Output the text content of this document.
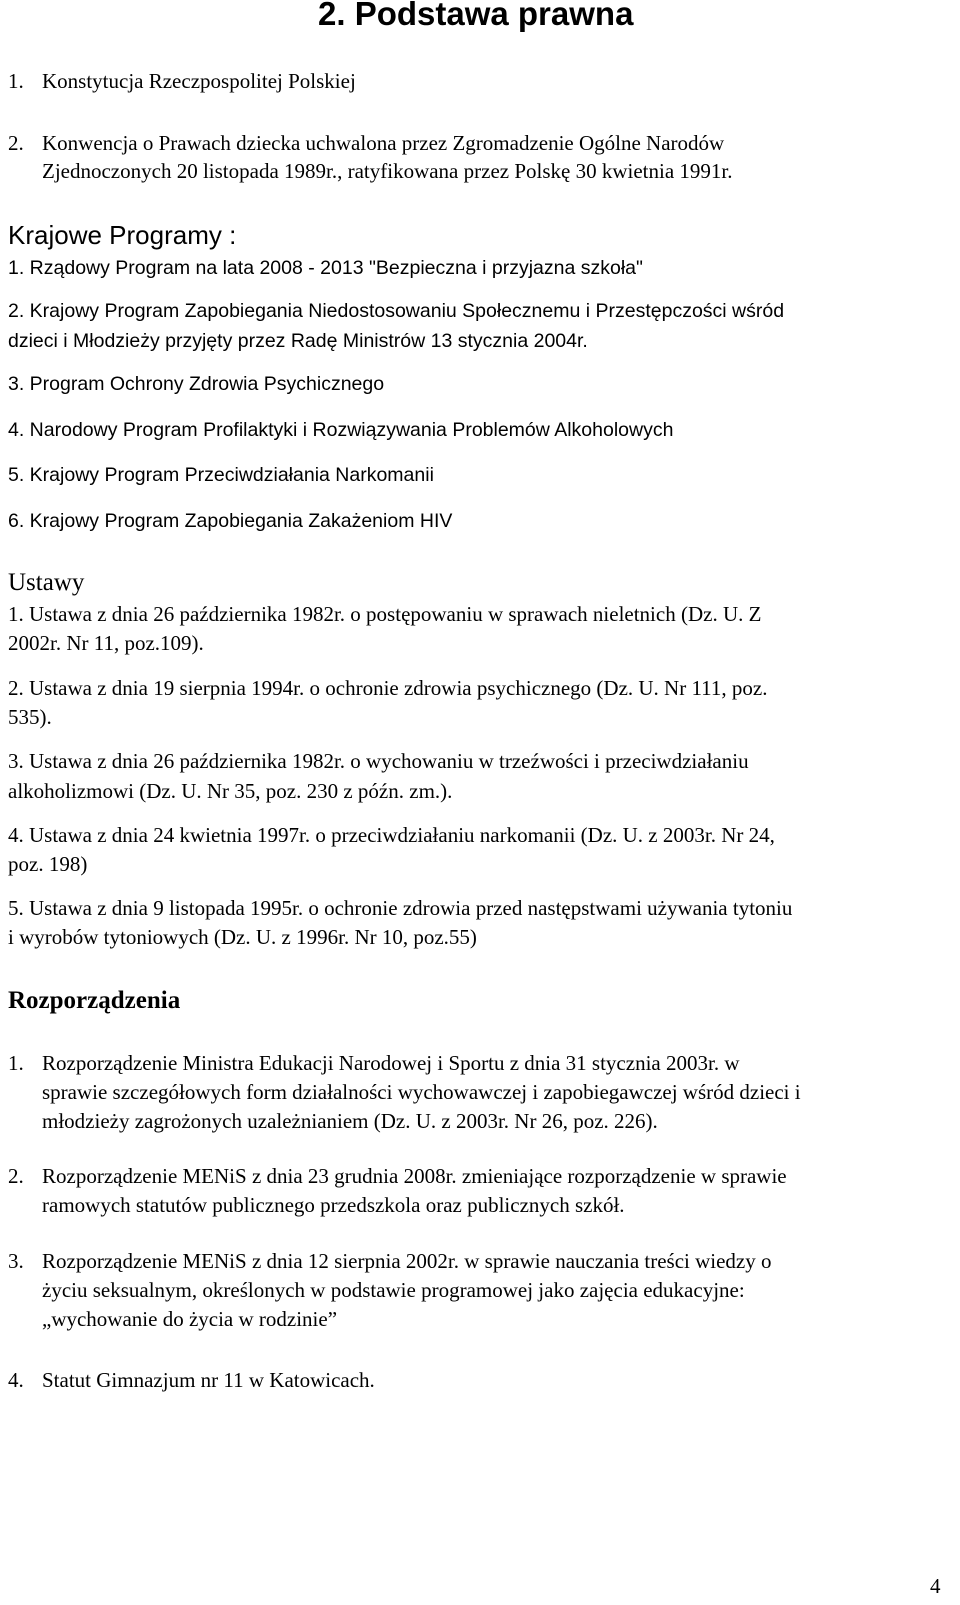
2. Podstawa prawna
1. Konstytucja Rzeczpospolitej Polskiej
2. Konwencja o Prawach dziecka uchwalona przez Zgromadzenie Ogólne Narodów
Zjednoczonych 20 listopada 1989r., ratyfikowana przez Polskę 30 kwietnia 1991r.
Krajowe Programy :
1. Rządowy Program na lata 2008 - 2013 "Bezpieczna i przyjazna szkoła"
2. Krajowy Program Zapobiegania Niedostosowaniu Społecznemu i Przestępczości wśród
dzieci i Młodzieży przyjęty przez Radę Ministrów 13 stycznia 2004r.
3. Program Ochrony Zdrowia Psychicznego
4. Narodowy Program Profilaktyki i Rozwiązywania Problemów Alkoholowych
5. Krajowy Program Przeciwdziałania Narkomanii
6. Krajowy Program Zapobiegania Zakażeniom HIV
Ustawy
1. Ustawa z dnia 26 października 1982r. o postępowaniu w sprawach nieletnich (Dz. U. Z
2002r. Nr 11, poz.109).
2. Ustawa z dnia 19 sierpnia 1994r. o ochronie zdrowia psychicznego (Dz. U. Nr 111, poz.
535).
3. Ustawa z dnia 26 października 1982r. o wychowaniu w trzeźwości i przeciwdziałaniu
alkoholizmowi (Dz. U. Nr 35, poz. 230 z późn. zm.).
4. Ustawa z dnia 24 kwietnia 1997r. o przeciwdziałaniu narkomanii (Dz. U. z 2003r. Nr 24,
poz. 198)
5. Ustawa z dnia 9 listopada 1995r. o ochronie zdrowia przed następstwami używania tytoniu
i wyrobów tytoniowych (Dz. U. z 1996r. Nr 10, poz.55)
Rozporządzenia
1. Rozporządzenie Ministra Edukacji Narodowej i Sportu z dnia 31 stycznia 2003r. w
sprawie szczegółowych form działalności wychowawczej i zapobiegawczej wśród dzieci i
młodzieży zagrożonych uzależnianiem (Dz. U. z 2003r. Nr 26, poz. 226).
2. Rozporządzenie MENiS z dnia 23 grudnia 2008r. zmieniające rozporządzenie w sprawie
ramowych statutów publicznego przedszkola oraz publicznych szkół.
3. Rozporządzenie MENiS z dnia 12 sierpnia 2002r. w sprawie nauczania treści wiedzy o
życiu seksualnym, określonych w podstawie programowej jako zajęcia edukacyjne:
„wychowanie do życia w rodzinie”
4. Statut Gimnazjum nr 11 w Katowicach.
4
